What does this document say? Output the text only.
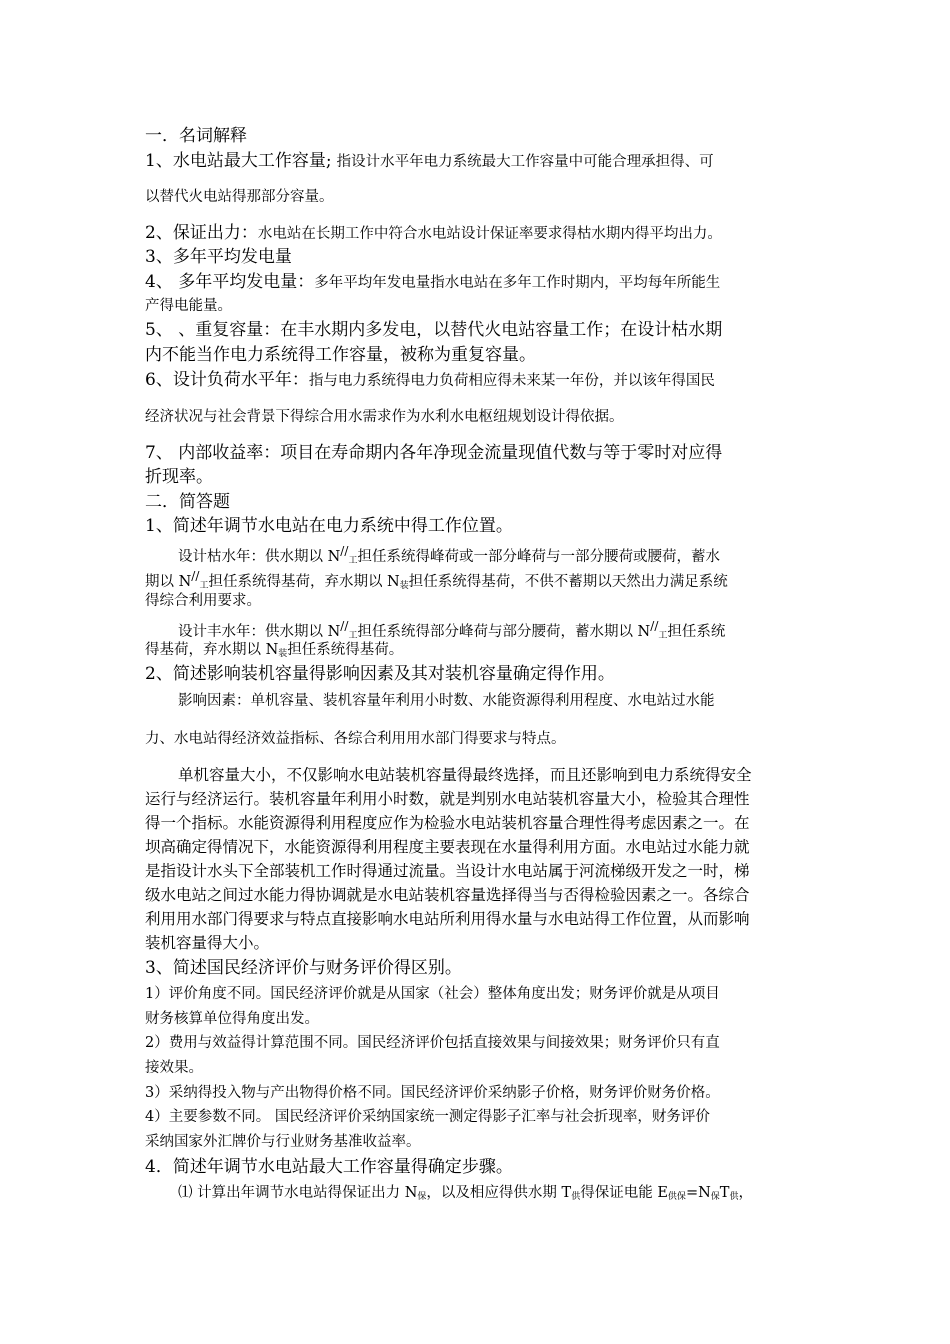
一．名词解释
1、水电站最大工作容量; 指设计水平年电力系统最大工作容量中可能合理承担得、可
以替代火电站得那部分容量。
2、保证出力：水电站在长期工作中符合水电站设计保证率要求得枯水期内得平均出力。
3、多年平均发电量
4、 多年平均发电量：多年平均年发电量指水电站在多年工作时期内，平均每年所能生
产得电能量。
5、 、重复容量：在丰水期内多发电，以替代火电站容量工作；在设计枯水期
内不能当作电力系统得工作容量，被称为重复容量。
6、设计负荷水平年：指与电力系统得电力负荷相应得未来某一年份，并以该年得国民
经济状况与社会背景下得综合用水需求作为水利水电枢纽规划设计得依据。
7、 内部收益率：项目在寿命期内各年净现金流量现值代数与等于零时对应得
折现率。
二．简答题
1、简述年调节水电站在电力系统中得工作位置。
设计枯水年：供水期以 $N^{//}_工$担任系统得峰荷或一部分峰荷与一部分腰荷或腰荷，蓄水
期以 $N^{//}_工$担任系统得基荷，弃水期以 $N_装$担任系统得基荷，不供不蓄期以天然出力满足系统
得综合利用要求。
设计丰水年：供水期以 $N^{//}_工$担任系统得部分峰荷与部分腰荷，蓄水期以 $N^{//}_工$担任系统
得基荷，弃水期以 $N_装$担任系统得基荷。
2、简述影响装机容量得影响因素及其对装机容量确定得作用。
影响因素：单机容量、装机容量年利用小时数、水能资源得利用程度、水电站过水能
力、水电站得经济效益指标、各综合利用用水部门得要求与特点。
单机容量大小，不仅影响水电站装机容量得最终选择，而且还影响到电力系统得安全
运行与经济运行。装机容量年利用小时数，就是判别水电站装机容量大小，检验其合理性
得一个指标。水能资源得利用程度应作为检验水电站装机容量合理性得考虑因素之一。在
坝高确定得情况下，水能资源得利用程度主要表现在水量得利用方面。水电站过水能力就
是指设计水头下全部装机工作时得通过流量。当设计水电站属于河流梯级开发之一时，梯
级水电站之间过水能力得协调就是水电站装机容量选择得当与否得检验因素之一。各综合
利用用水部门得要求与特点直接影响水电站所利用得水量与水电站得工作位置，从而影响
装机容量得大小。
3、简述国民经济评价与财务评价得区别。
1）评价角度不同。国民经济评价就是从国家（社会）整体角度出发；财务评价就是从项目
财务核算单位得角度出发。
2）费用与效益得计算范围不同。国民经济评价包括直接效果与间接效果；财务评价只有直
接效果。
3）采纳得投入物与产出物得价格不同。国民经济评价采纳影子价格，财务评价财务价格。
4）主要参数不同。 国民经济评价采纳国家统一测定得影子汇率与社会折现率，财务评价
采纳国家外汇牌价与行业财务基准收益率。
4．简述年调节水电站最大工作容量得确定步骤。
⑴ 计算出年调节水电站得保证出力 $N_保$，以及相应得供水期 $T_供$得保证电能 $E_{供保}=N_保T_供$，
